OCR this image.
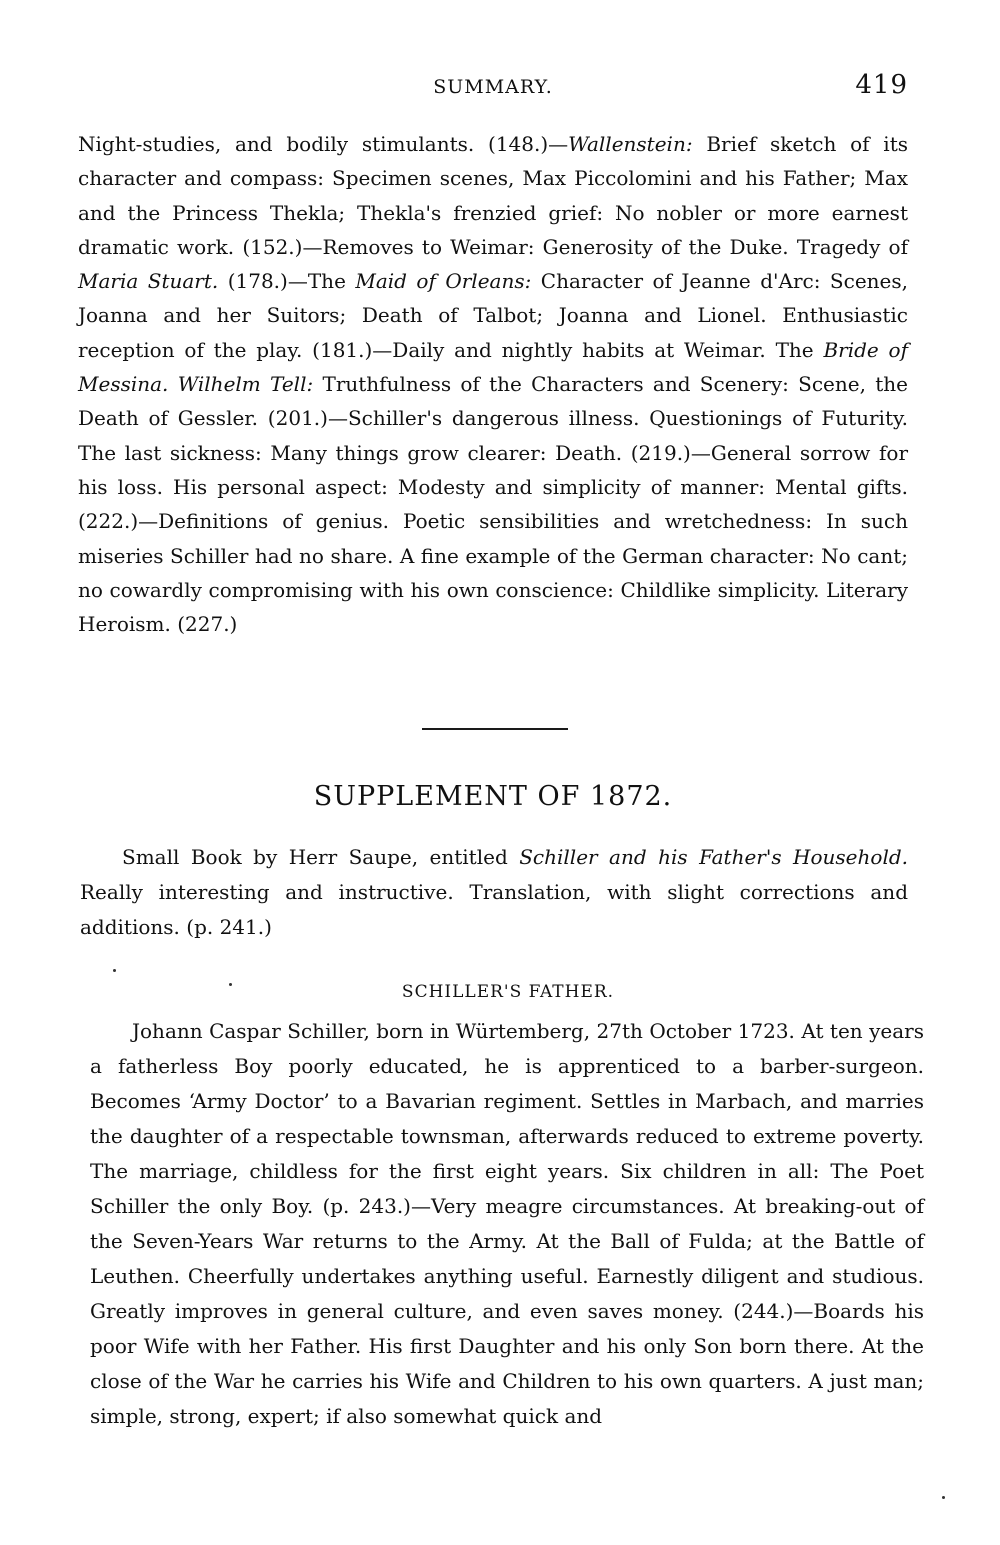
SUMMARY.	419

Night-studies, and bodily stimulants. (148.)—Wallenstein: Brief sketch of its character and compass: Specimen scenes, Max Piccolomini and his Father; Max and the Princess Thekla; Thekla's frenzied grief: No nobler or more earnest dramatic work. (152.)—Removes to Weimar: Generosity of the Duke. Tragedy of Maria Stuart. (178.)—The Maid of Orleans: Character of Jeanne d'Arc: Scenes, Joanna and her Suitors; Death of Talbot; Joanna and Lionel. Enthusiastic reception of the play. (181.)—Daily and nightly habits at Weimar. The Bride of Messina. Wilhelm Tell: Truthfulness of the Characters and Scenery: Scene, the Death of Gessler. (201.)—Schiller's dangerous illness. Questionings of Futurity. The last sickness: Many things grow clearer: Death. (219.)—General sorrow for his loss. His personal aspect: Modesty and simplicity of manner: Mental gifts. (222.)—Definitions of genius. Poetic sensibilities and wretchedness: In such miseries Schiller had no share. A fine example of the German character: No cant; no cowardly compromising with his own conscience: Childlike simplicity. Literary Heroism. (227.)

SUPPLEMENT OF 1872.

Small Book by Herr Saupe, entitled Schiller and his Father's Household. Really interesting and instructive. Translation, with slight corrections and additions. (p. 241.)

SCHILLER'S FATHER.

Johann Caspar Schiller, born in Würtemberg, 27th October 1723. At ten years a fatherless Boy poorly educated, he is apprenticed to a barber-surgeon. Becomes ‘Army Doctor’ to a Bavarian regiment. Settles in Marbach, and marries the daughter of a respectable townsman, afterwards reduced to extreme poverty. The marriage, childless for the first eight years. Six children in all: The Poet Schiller the only Boy. (p. 243.)—Very meagre circumstances. At breaking-out of the Seven-Years War returns to the Army. At the Ball of Fulda; at the Battle of Leuthen. Cheerfully undertakes anything useful. Earnestly diligent and studious. Greatly improves in general culture, and even saves money. (244.)—Boards his poor Wife with her Father. His first Daughter and his only Son born there. At the close of the War he carries his Wife and Children to his own quarters. A just man; simple, strong, expert; if also somewhat quick and
